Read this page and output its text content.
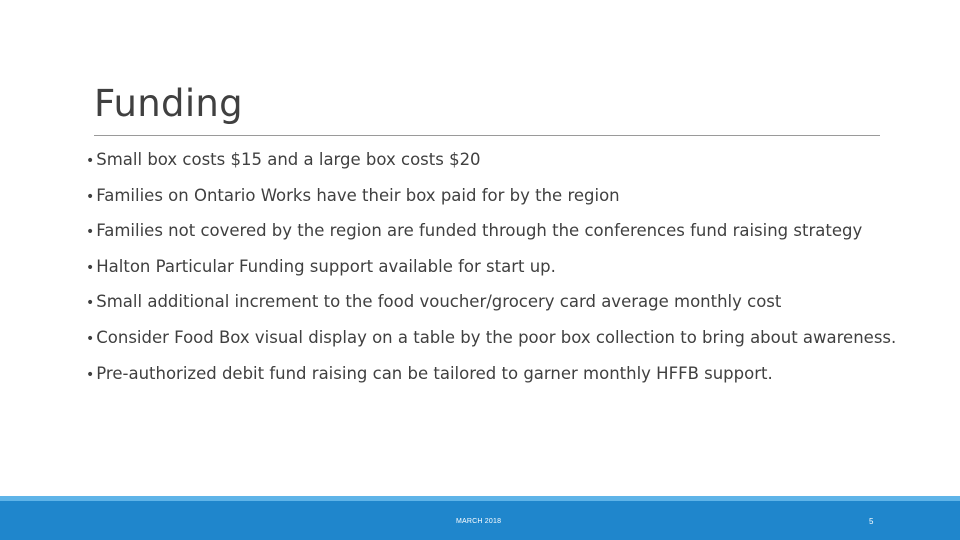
Funding
• Small box costs $15 and a large box costs $20
• Families on Ontario Works have their box paid for by the region
• Families not covered by the region are funded through the conferences fund raising strategy
• Halton Particular Funding support available for start up.
• Small additional increment to the food voucher/grocery card average monthly cost
• Consider Food Box visual display on a table by the poor box collection to bring about awareness.
• Pre-authorized debit fund raising can be tailored to garner monthly HFFB support.
MARCH 2018	5
